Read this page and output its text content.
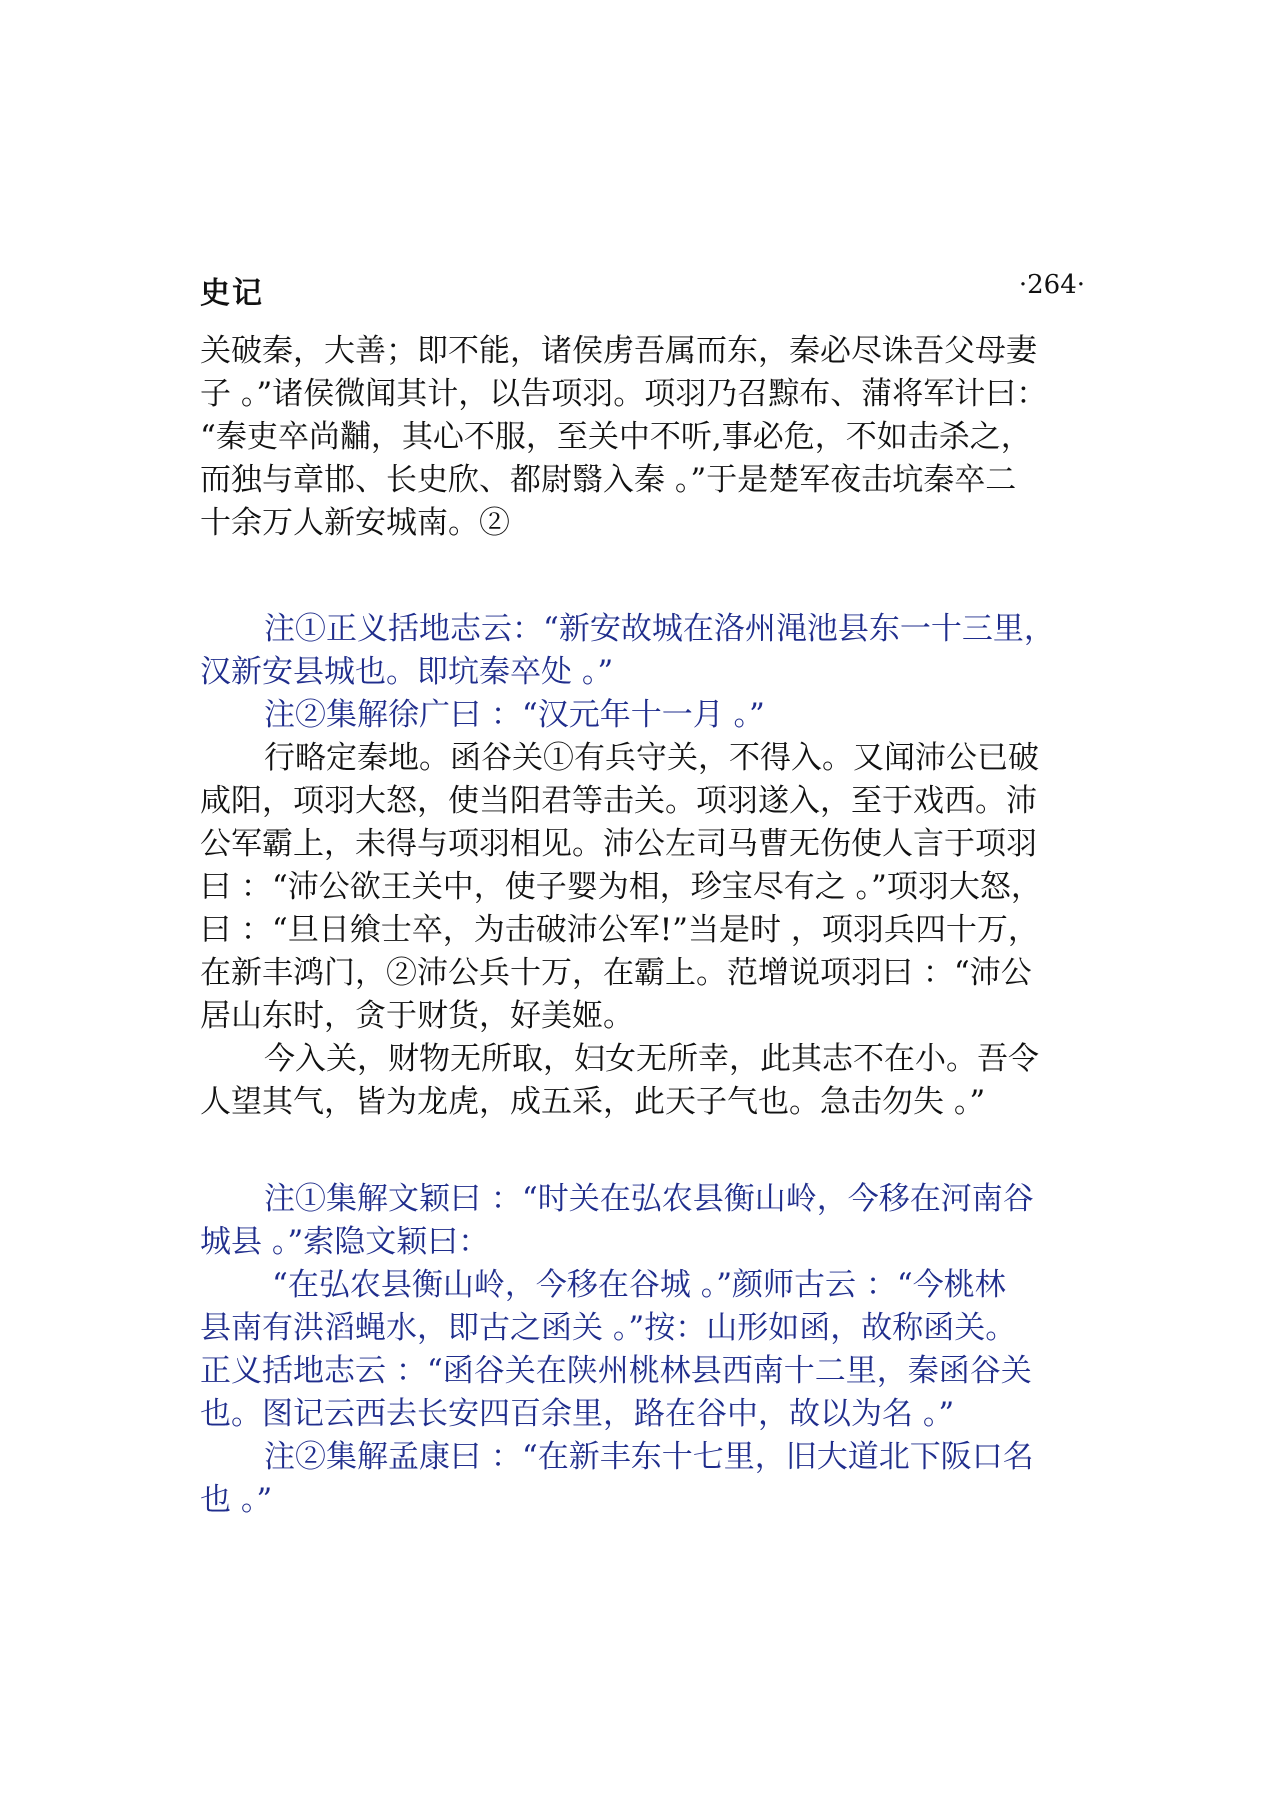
史记	·264·
关破秦，大善；即不能，诸侯虏吾属而东，秦必尽诛吾父母妻
子 。”诸侯微闻其计，以告项羽。项羽乃召黥布、蒲将军计曰：
“秦吏卒尚黼，其心不服，至关中不听,事必危，不如击杀之，
而独与章邯、长史欣、都尉翳入秦 。”于是楚军夜击坑秦卒二
十余万人新安城南。②
注①正义括地志云：“新安故城在洛州渑池县东一十三里，
汉新安县城也。即坑秦卒处 。”
注②集解徐广曰 ：“汉元年十一月 。”
行略定秦地。函谷关①有兵守关，不得入。又闻沛公已破
咸阳，项羽大怒，使当阳君等击关。项羽遂入，至于戏西。沛
公军霸上，未得与项羽相见。沛公左司马曹无伤使人言于项羽
曰 ：“沛公欲王关中，使子婴为相，珍宝尽有之 。”项羽大怒，
曰 ：“旦日飨士卒，为击破沛公军!”当是时 ，项羽兵四十万，
在新丰鸿门，②沛公兵十万，在霸上。范增说项羽曰 ：“沛公
居山东时，贪于财货，好美姬。
今入关，财物无所取，妇女无所幸，此其志不在小。吾令
人望其气，皆为龙虎，成五采，此天子气也。急击勿失 。”
注①集解文颖曰 ：“时关在弘农县衡山岭，今移在河南谷
城县 。”索隐文颖曰：
“在弘农县衡山岭，今移在谷城 。”颜师古云 ：“今桃林
县南有洪滔蝇水，即古之函关 。”按：山形如函，故称函关。
正义括地志云 ：“函谷关在陕州桃林县西南十二里，秦函谷关
也。图记云西去长安四百余里，路在谷中，故以为名 。”
注②集解孟康曰 ：“在新丰东十七里，旧大道北下阪口名
也 。”
